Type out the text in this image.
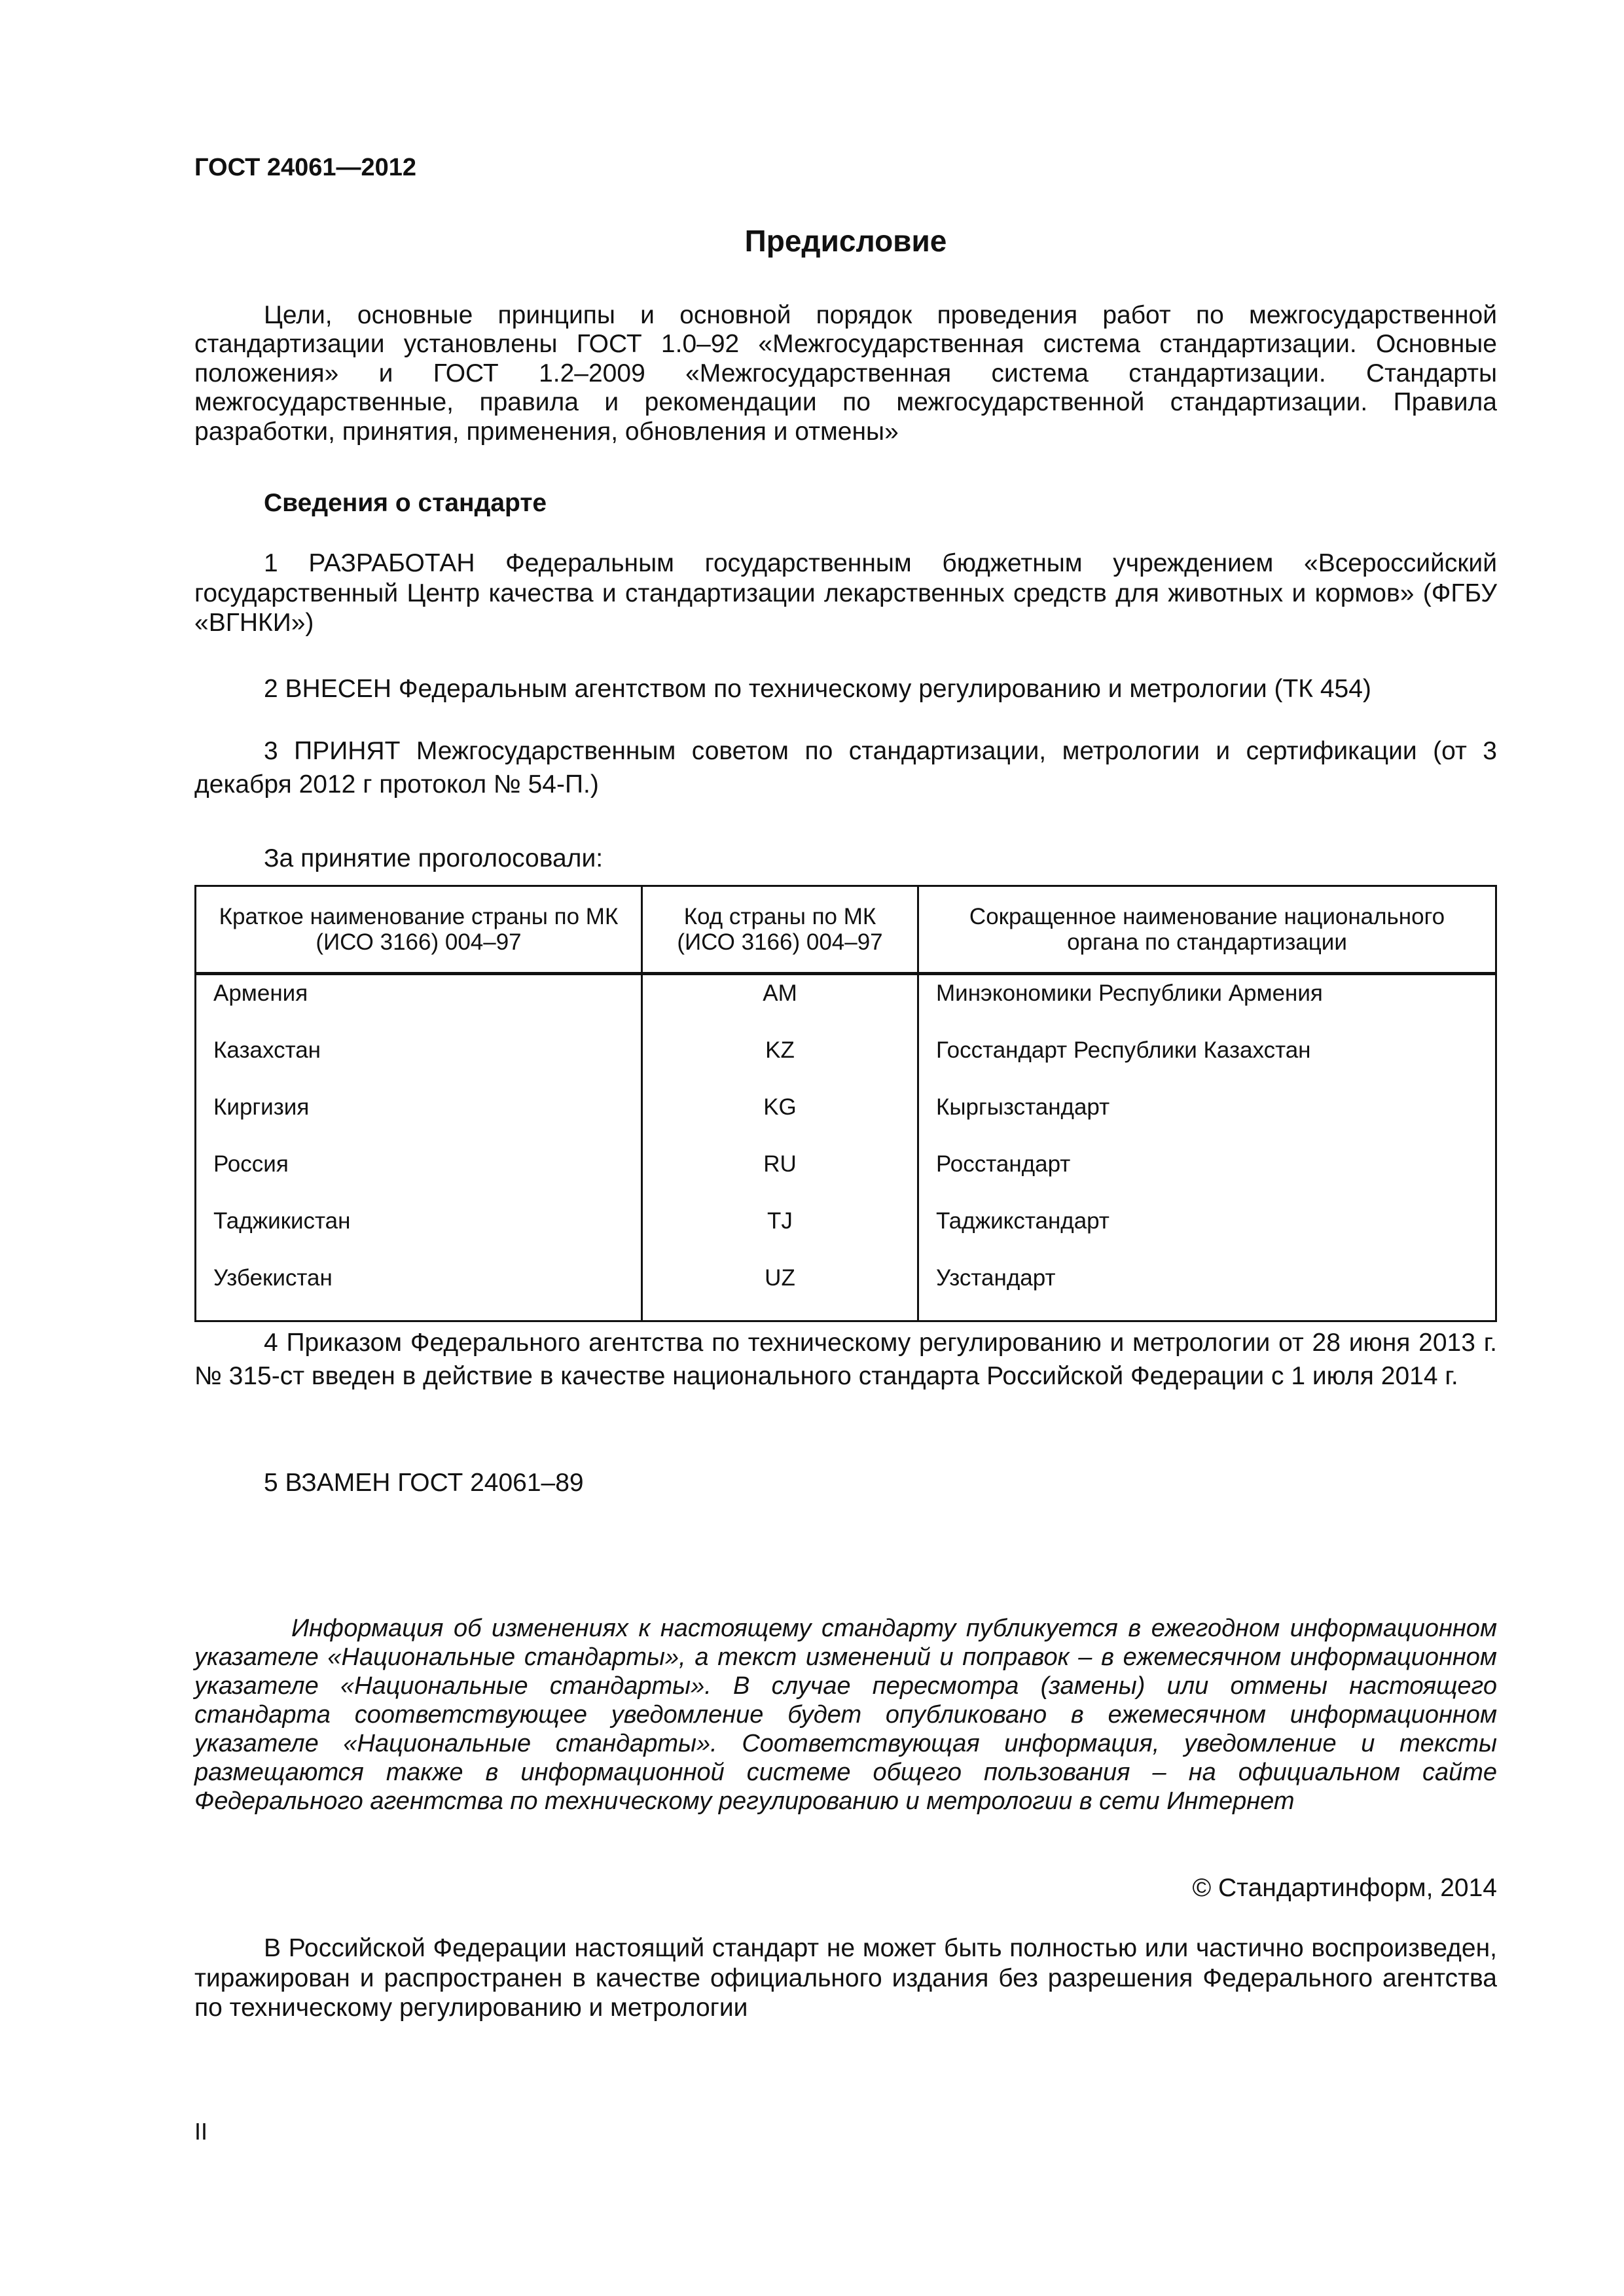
ГОСТ 24061—2012
Предисловие
Цели, основные принципы и основной порядок проведения работ по межгосударственной стандартизации установлены ГОСТ 1.0–92 «Межгосударственная система стандартизации. Основные положения» и ГОСТ 1.2–2009 «Межгосударственная система стандартизации. Стандарты межгосударственные, правила и рекомендации по межгосударственной стандартизации. Правила разработки, принятия, применения, обновления и отмены»
Сведения о стандарте
1 РАЗРАБОТАН Федеральным государственным бюджетным учреждением «Всероссийский государственный Центр качества и стандартизации лекарственных средств для животных и кормов» (ФГБУ «ВГНКИ»)
2 ВНЕСЕН Федеральным агентством по техническому регулированию и метрологии (ТК 454)
3 ПРИНЯТ Межгосударственным советом по стандартизации, метрологии и сертификации (от 3 декабря 2012 г протокол № 54-П.)
За принятие проголосовали:
Краткое наименование страны по МК (ИСО 3166) 004–97	Код страны по МК (ИСО 3166) 004–97	Сокращенное наименование национального органа по стандартизации
Армения	AM	Минэкономики Республики Армения
Казахстан	KZ	Госстандарт Республики Казахстан
Киргизия	KG	Кыргызстандарт
Россия	RU	Росстандарт
Таджикистан	TJ	Таджикстандарт
Узбекистан	UZ	Узстандарт
4 Приказом Федерального агентства по техническому регулированию и метрологии от 28 июня 2013 г. № 315-ст введен в действие в качестве национального стандарта Российской Федерации с 1 июля 2014 г.
5 ВЗАМЕН ГОСТ 24061–89
Информация об изменениях к настоящему стандарту публикуется в ежегодном информационном указателе «Национальные стандарты», а текст изменений и поправок – в ежемесячном информационном указателе «Национальные стандарты». В случае пересмотра (замены) или отмены настоящего стандарта соответствующее уведомление будет опубликовано в ежемесячном информационном указателе «Национальные стандарты». Соответствующая информация, уведомление и тексты размещаются также в информационной системе общего пользования – на официальном сайте Федерального агентства по техническому регулированию и метрологии в сети Интернет
© Стандартинформ, 2014
В Российской Федерации настоящий стандарт не может быть полностью или частично воспроизведен, тиражирован и распространен в качестве официального издания без разрешения Федерального агентства по техническому регулированию и метрологии
II
